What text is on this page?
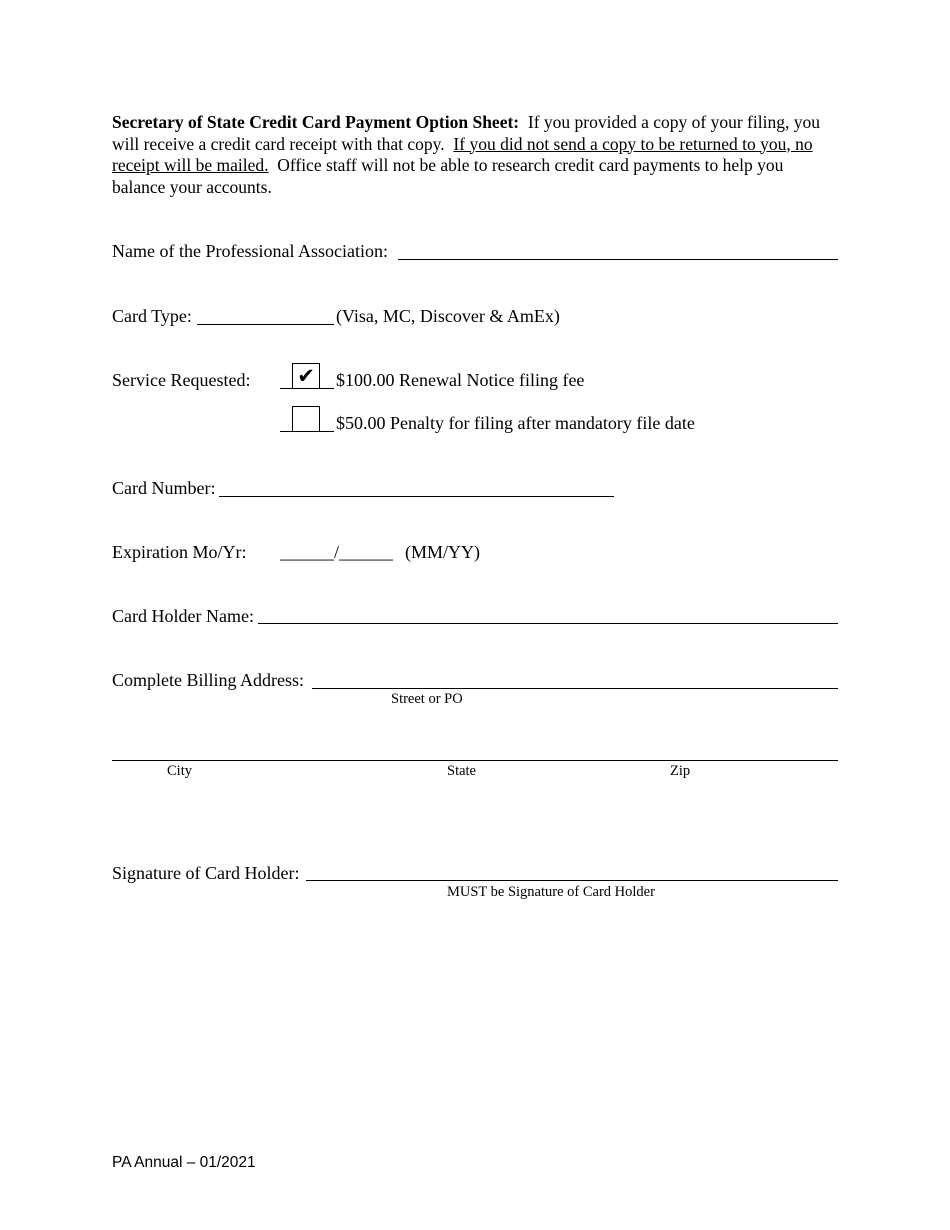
Secretary of State Credit Card Payment Option Sheet: If you provided a copy of your filing, you will receive a credit card receipt with that copy. If you did not send a copy to be returned to you, no receipt will be mailed. Office staff will not be able to research credit card payments to help you balance your accounts.
Name of the Professional Association:
Card Type:	(Visa, MC, Discover & AmEx)
Service Requested: ✔ $100.00 Renewal Notice filing fee
$50.00 Penalty for filing after mandatory file date
Card Number:
Expiration Mo/Yr: ______/______ (MM/YY)
Card Holder Name:
Complete Billing Address:
Street or PO
City	State	Zip
Signature of Card Holder:
MUST be Signature of Card Holder
PA Annual – 01/2021
